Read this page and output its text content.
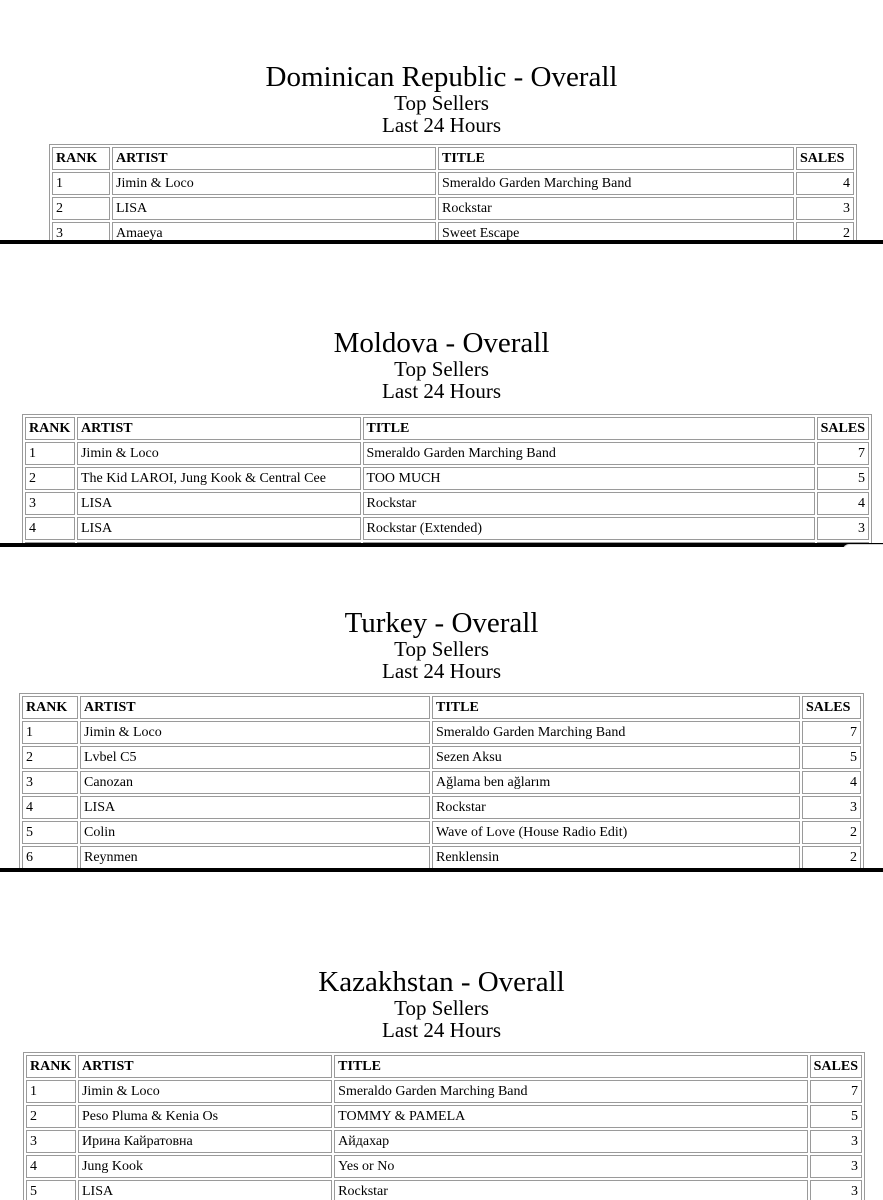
Dominican Republic - Overall
Top Sellers
Last 24 Hours
RANK	ARTIST	TITLE	SALES
1	Jimin & Loco	Smeraldo Garden Marching Band	4
2	LISA	Rockstar	3
3	Amaeya	Sweet Escape	2
Moldova - Overall
Top Sellers
Last 24 Hours
RANK	ARTIST	TITLE	SALES
1	Jimin & Loco	Smeraldo Garden Marching Band	7
2	The Kid LAROI, Jung Kook & Central Cee	TOO MUCH	5
3	LISA	Rockstar	4
4	LISA	Rockstar (Extended)	3

Turkey - Overall
Top Sellers
Last 24 Hours
RANK	ARTIST	TITLE	SALES
1	Jimin & Loco	Smeraldo Garden Marching Band	7
2	Lvbel C5	Sezen Aksu	5
3	Canozan	Ağlama ben ağlarım	4
4	LISA	Rockstar	3
5	Colin	Wave of Love (House Radio Edit)	2
6	Reynmen	Renklensin	2

Kazakhstan - Overall
Top Sellers
Last 24 Hours
RANK	ARTIST	TITLE	SALES
1	Jimin & Loco	Smeraldo Garden Marching Band	7
2	Peso Pluma & Kenia Os	TOMMY & PAMELA	5
3	Ирина Кайратовна	Айдахар	3
4	Jung Kook	Yes or No	3
5	LISA	Rockstar	3
